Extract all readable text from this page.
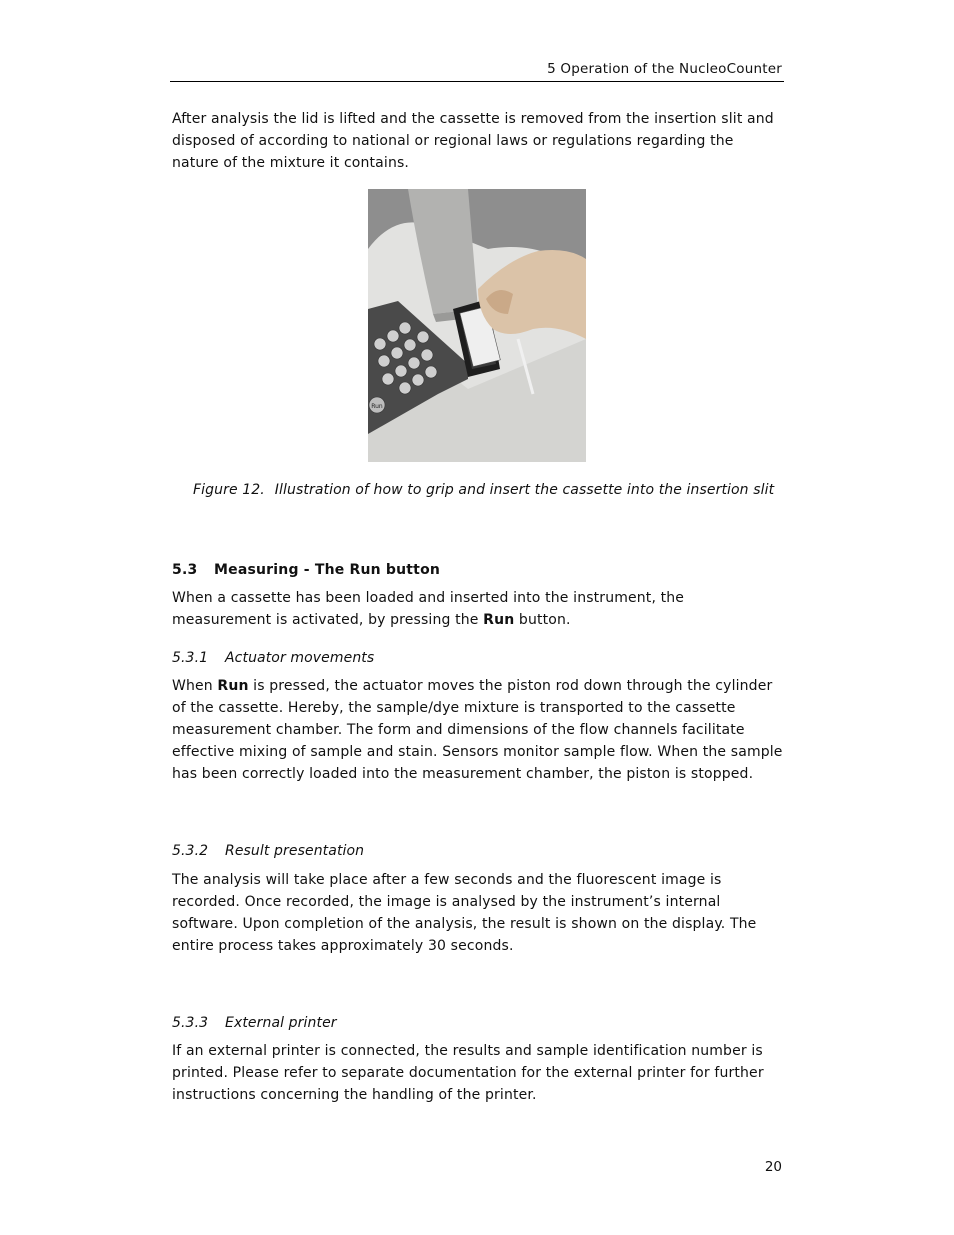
5 Operation of the NucleoCounter

After analysis the lid is lifted and the cassette is removed from the insertion slit and disposed of according to national or regional laws or regulations regarding the nature of the mixture it contains.

Run
Figure 12. Illustration of how to grip and insert the cassette into the insertion slit
5.3 Measuring - The Run button

When a cassette has been loaded and inserted into the instrument, the measurement is activated, by pressing the Run button.

5.3.1 Actuator movements

When Run is pressed, the actuator moves the piston rod down through the cylinder of the cassette. Hereby, the sample/dye mixture is transported to the cassette measurement chamber. The form and dimensions of the flow channels facilitate effective mixing of sample and stain. Sensors monitor sample flow. When the sample has been correctly loaded into the measurement chamber, the piston is stopped.

5.3.2 Result presentation

The analysis will take place after a few seconds and the fluorescent image is recorded. Once recorded, the image is analysed by the instrument’s internal software. Upon completion of the analysis, the result is shown on the display. The entire process takes approximately 30 seconds.

5.3.3 External printer

If an external printer is connected, the results and sample identification number is printed. Please refer to separate documentation for the external printer for further instructions concerning the handling of the printer.

20
